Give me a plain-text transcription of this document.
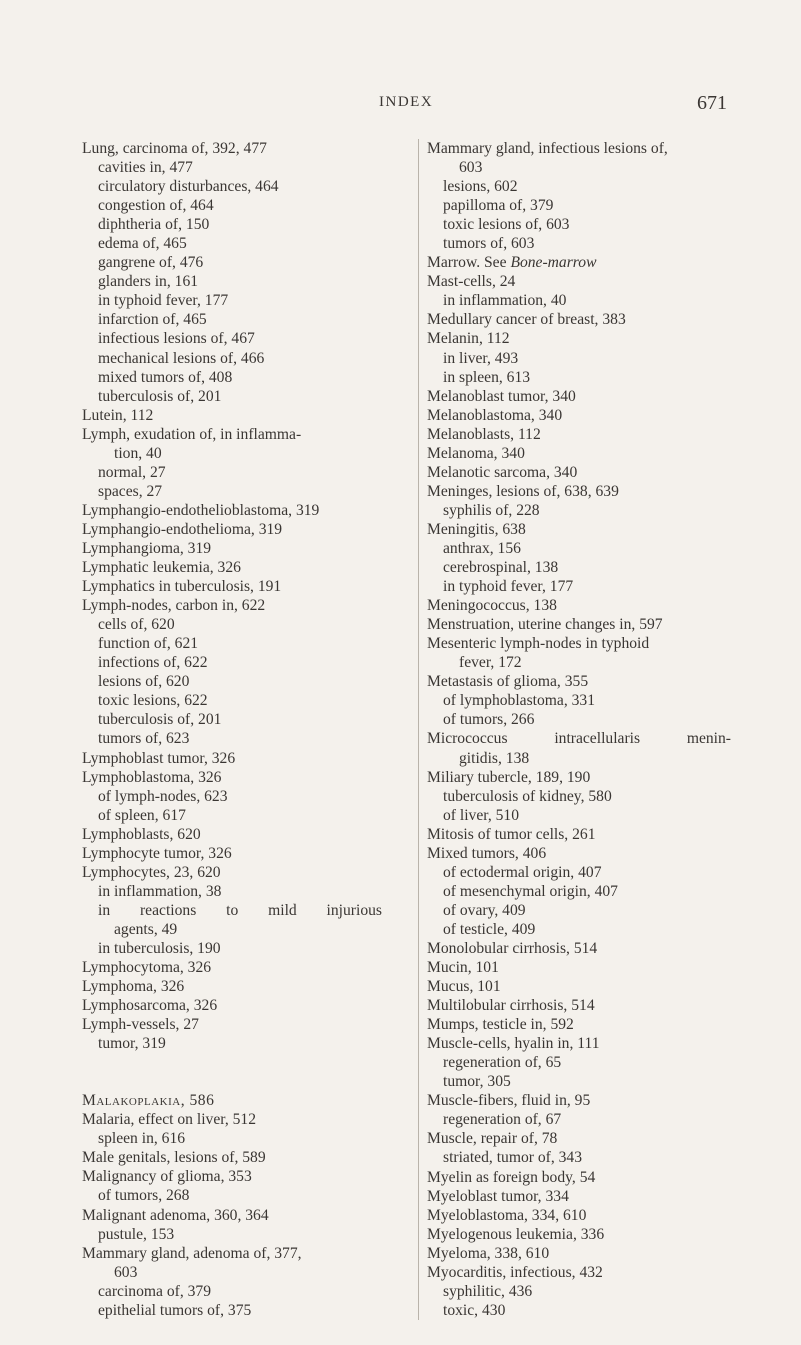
INDEX	671
Lung, carcinoma of, 392, 477
cavities in, 477
circulatory disturbances, 464
congestion of, 464
diphtheria of, 150
edema of, 465
gangrene of, 476
glanders in, 161
in typhoid fever, 177
infarction of, 465
infectious lesions of, 467
mechanical lesions of, 466
mixed tumors of, 408
tuberculosis of, 201
Lutein, 112
Lymph, exudation of, in inflamma-
tion, 40
normal, 27
spaces, 27
Lymphangio-endothelioblastoma, 319
Lymphangio-endothelioma, 319
Lymphangioma, 319
Lymphatic leukemia, 326
Lymphatics in tuberculosis, 191
Lymph-nodes, carbon in, 622
cells of, 620
function of, 621
infections of, 622
lesions of, 620
toxic lesions, 622
tuberculosis of, 201
tumors of, 623
Lymphoblast tumor, 326
Lymphoblastoma, 326
of lymph-nodes, 623
of spleen, 617
Lymphoblasts, 620
Lymphocyte tumor, 326
Lymphocytes, 23, 620
in inflammation, 38
in reactions to mild injurious
agents, 49
in tuberculosis, 190
Lymphocytoma, 326
Lymphoma, 326
Lymphosarcoma, 326
Lymph-vessels, 27
tumor, 319
Malakoplakia, 586
Malaria, effect on liver, 512
spleen in, 616
Male genitals, lesions of, 589
Malignancy of glioma, 353
of tumors, 268
Malignant adenoma, 360, 364
pustule, 153
Mammary gland, adenoma of, 377,
603
carcinoma of, 379
epithelial tumors of, 375
Mammary gland, infectious lesions of,
603
lesions, 602
papilloma of, 379
toxic lesions of, 603
tumors of, 603
Marrow. See Bone-marrow
Mast-cells, 24
in inflammation, 40
Medullary cancer of breast, 383
Melanin, 112
in liver, 493
in spleen, 613
Melanoblast tumor, 340
Melanoblastoma, 340
Melanoblasts, 112
Melanoma, 340
Melanotic sarcoma, 340
Meninges, lesions of, 638, 639
syphilis of, 228
Meningitis, 638
anthrax, 156
cerebrospinal, 138
in typhoid fever, 177
Meningococcus, 138
Menstruation, uterine changes in, 597
Mesenteric lymph-nodes in typhoid
fever, 172
Metastasis of glioma, 355
of lymphoblastoma, 331
of tumors, 266
Micrococcus	intracellularis	menin-
gitidis, 138
Miliary tubercle, 189, 190
tuberculosis of kidney, 580
of liver, 510
Mitosis of tumor cells, 261
Mixed tumors, 406
of ectodermal origin, 407
of mesenchymal origin, 407
of ovary, 409
of testicle, 409
Monolobular cirrhosis, 514
Mucin, 101
Mucus, 101
Multilobular cirrhosis, 514
Mumps, testicle in, 592
Muscle-cells, hyalin in, 111
regeneration of, 65
tumor, 305
Muscle-fibers, fluid in, 95
regeneration of, 67
Muscle, repair of, 78
striated, tumor of, 343
Myelin as foreign body, 54
Myeloblast tumor, 334
Myeloblastoma, 334, 610
Myelogenous leukemia, 336
Myeloma, 338, 610
Myocarditis, infectious, 432
syphilitic, 436
toxic, 430
